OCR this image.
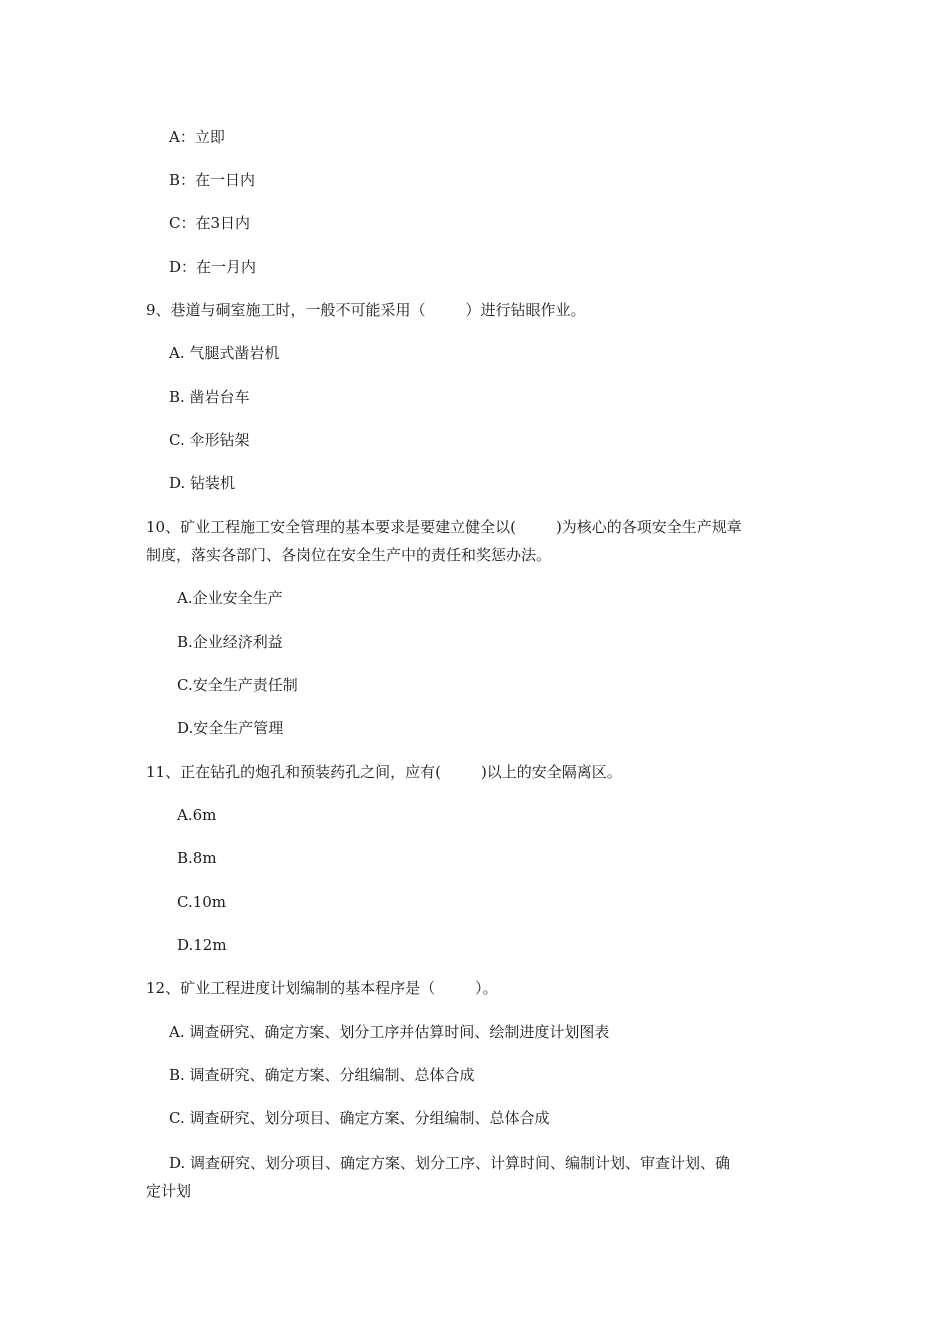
A：立即
B：在一日内
C：在3日内
D：在一月内
9、巷道与硐室施工时，一般不可能采用（	）进行钻眼作业。
A. 气腿式凿岩机
B. 凿岩台车
C. 伞形钻架
D. 钻装机
10、矿业工程施工安全管理的基本要求是要建立健全以(	)为核心的各项安全生产规章
制度，落实各部门、各岗位在安全生产中的责任和奖惩办法。
A.企业安全生产
B.企业经济利益
C.安全生产责任制
D.安全生产管理
11、正在钻孔的炮孔和预装药孔之间，应有(	)以上的安全隔离区。
A.6m
B.8m
C.10m
D.12m
12、矿业工程进度计划编制的基本程序是（	）。
A. 调查研究、确定方案、划分工序并估算时间、绘制进度计划图表
B. 调查研究、确定方案、分组编制、总体合成
C. 调查研究、划分项目、确定方案、分组编制、总体合成
D. 调查研究、划分项目、确定方案、划分工序、计算时间、编制计划、审查计划、确
定计划
